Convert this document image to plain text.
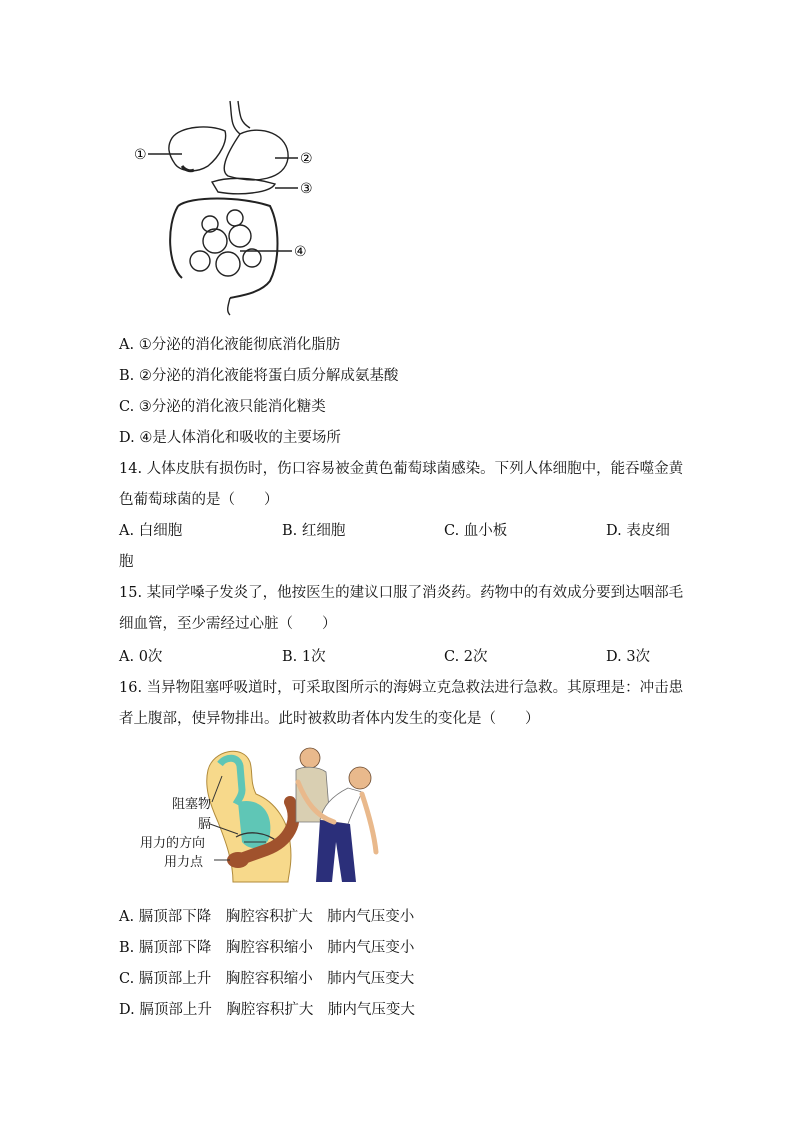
①	②
③
④
A. ①分泌的消化液能彻底消化脂肪
B. ②分泌的消化液能将蛋白质分解成氨基酸
C. ③分泌的消化液只能消化糖类
D. ④是人体消化和吸收的主要场所
14. 人体皮肤有损伤时，伤口容易被金黄色葡萄球菌感染。下列人体细胞中，能吞噬金黄
色葡萄球菌的是（　　）
A. 白细胞	B. 红细胞	C. 血小板	D. 表皮细
胞
15. 某同学嗓子发炎了，他按医生的建议口服了消炎药。药物中的有效成分要到达咽部毛
细血管，至少需经过心脏（　　）
A. 0次	B. 1次	C. 2次	D. 3次
16. 当异物阻塞呼吸道时，可采取图所示的海姆立克急救法进行急救。其原理是：冲击患
者上腹部，使异物排出。此时被救助者体内发生的变化是（　　）
阻塞物
膈
用力的方向
用力点
A. 膈顶部下降　胸腔容积扩大　肺内气压变小
B. 膈顶部下降　胸腔容积缩小　肺内气压变小
C. 膈顶部上升　胸腔容积缩小　肺内气压变大
D. 膈顶部上升　胸腔容积扩大　肺内气压变大
